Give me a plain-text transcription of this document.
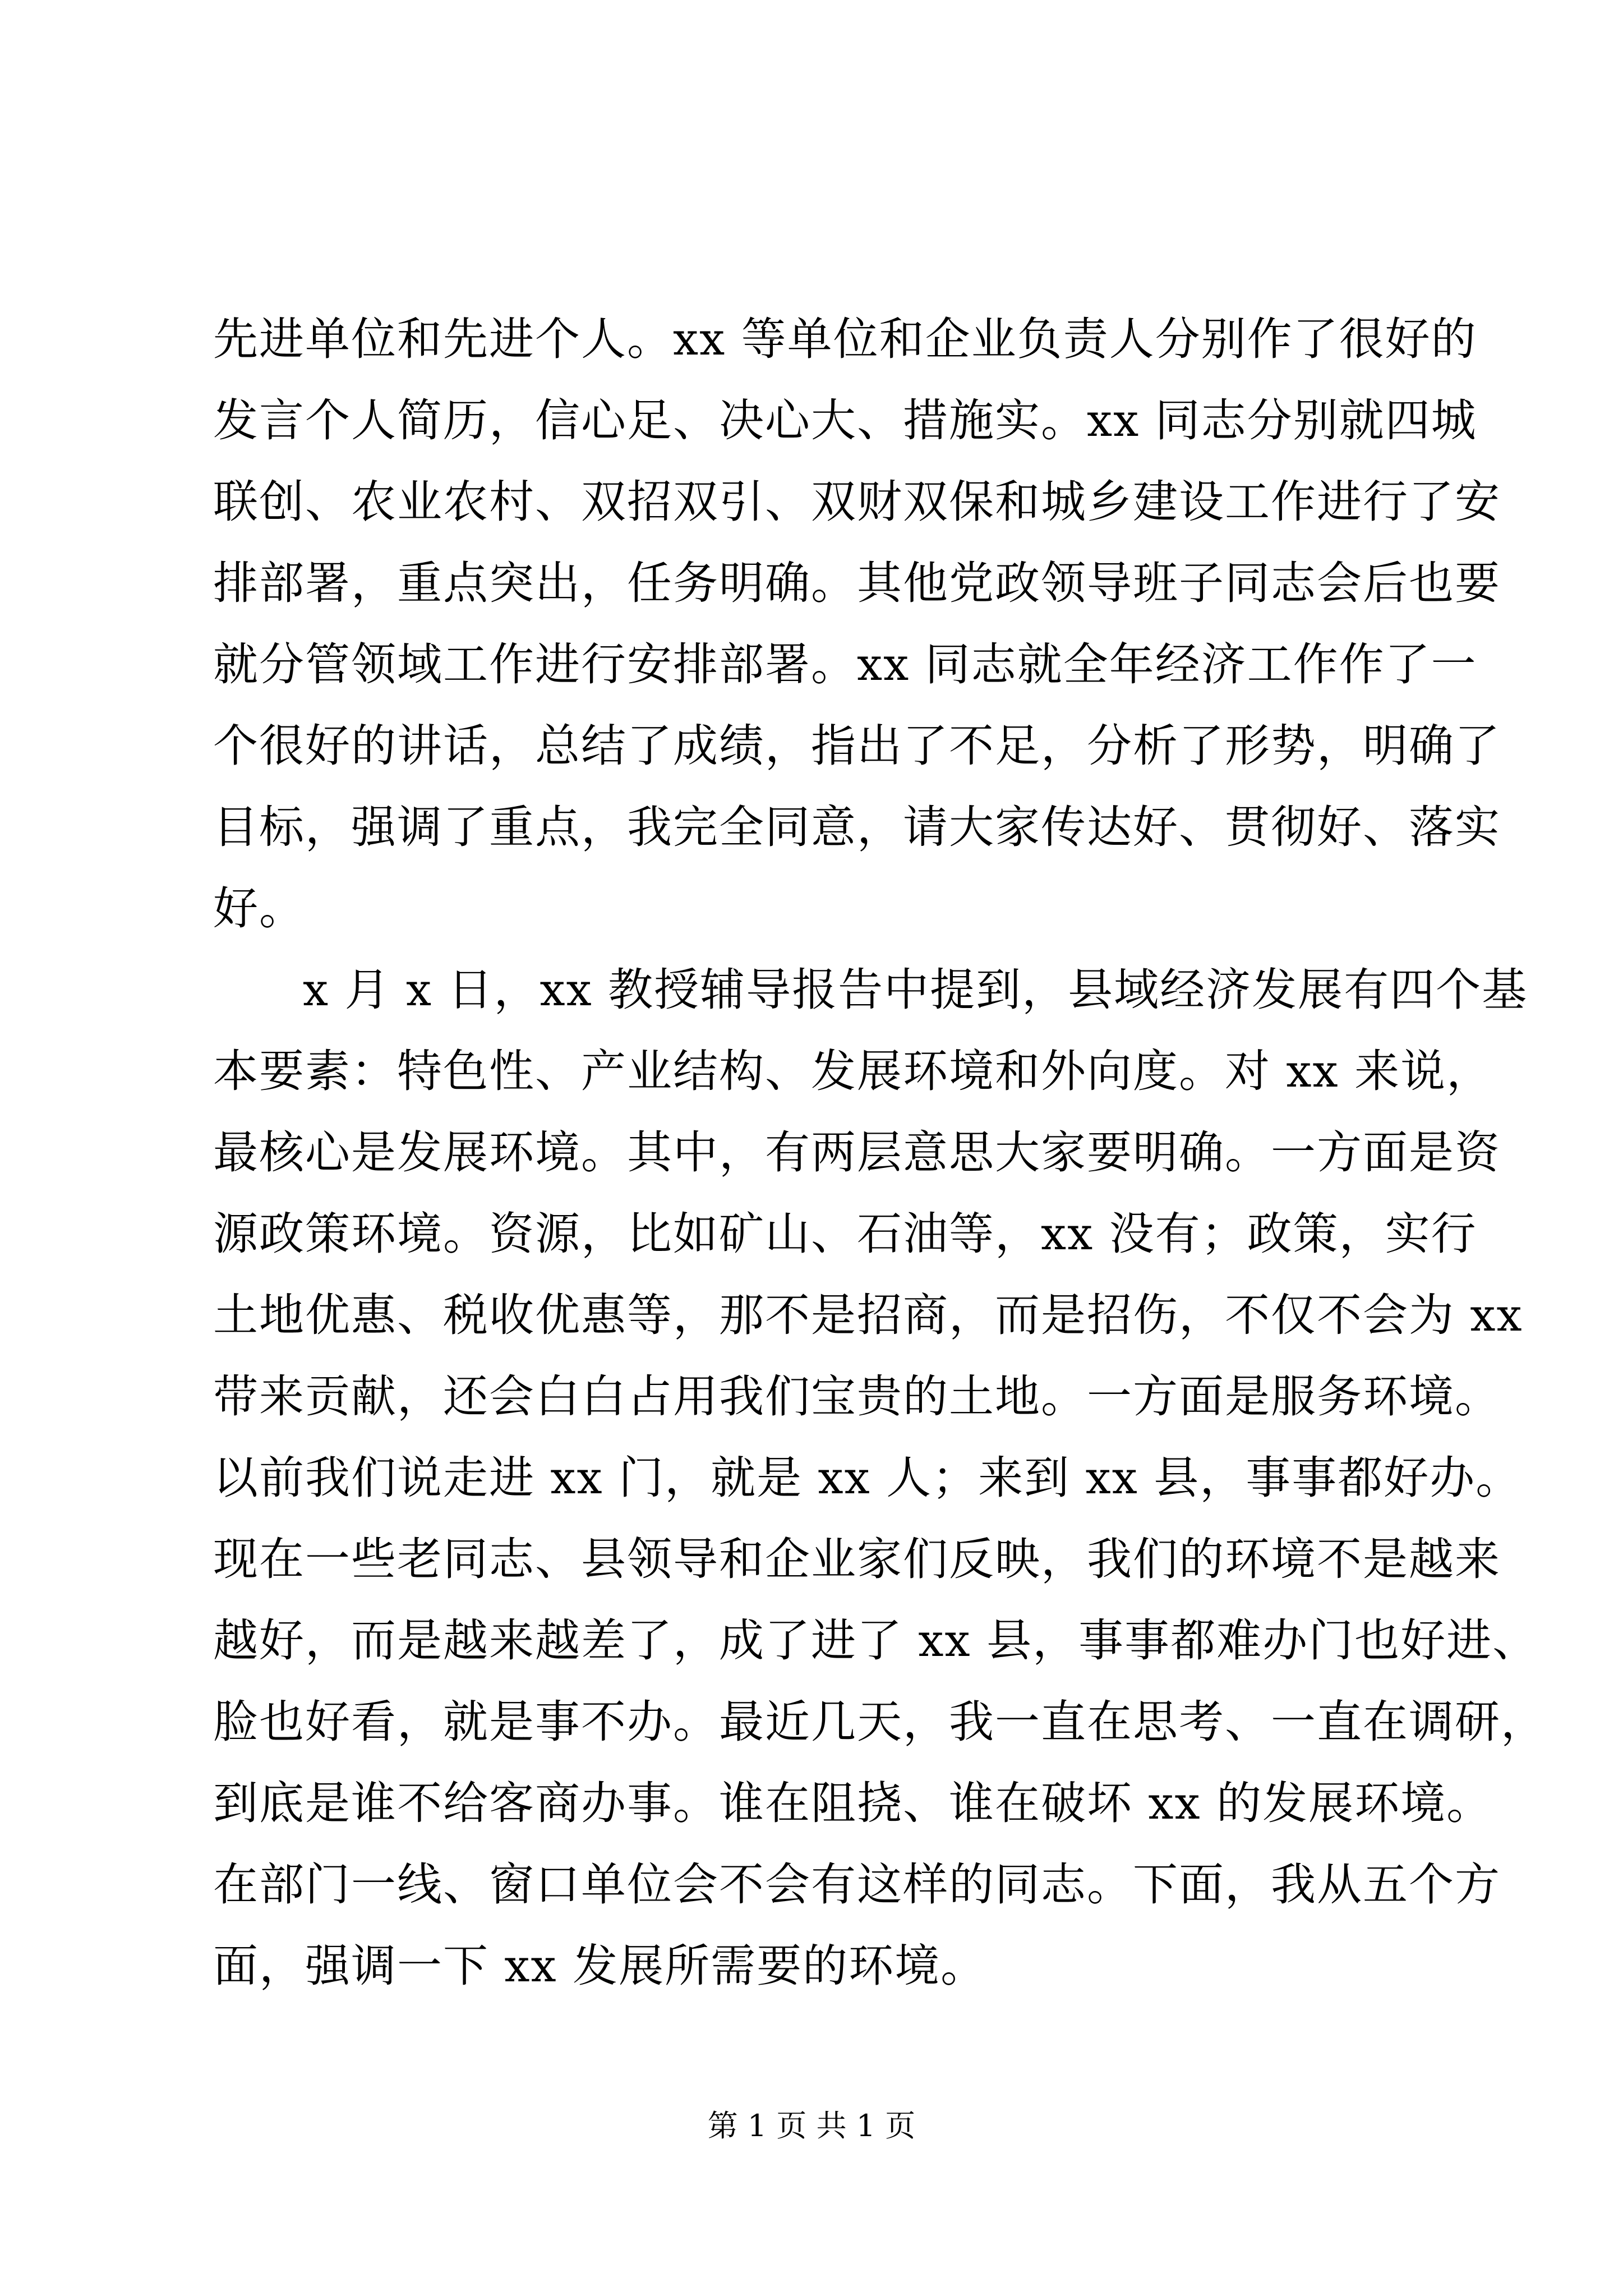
先进单位和先进个人。xx 等单位和企业负责人分别作了很好的
发言个人简历，信心足、决心大、措施实。xx 同志分别就四城
联创、农业农村、双招双引、双财双保和城乡建设工作进行了安
排部署，重点突出，任务明确。其他党政领导班子同志会后也要
就分管领域工作进行安排部署。xx 同志就全年经济工作作了一
个很好的讲话，总结了成绩，指出了不足，分析了形势，明确了
目标，强调了重点，我完全同意，请大家传达好、贯彻好、落实
好。
x 月 x 日，xx 教授辅导报告中提到，县域经济发展有四个基
本要素：特色性、产业结构、发展环境和外向度。对 xx 来说，
最核心是发展环境。其中，有两层意思大家要明确。一方面是资
源政策环境。资源，比如矿山、石油等，xx 没有；政策，实行
土地优惠、税收优惠等，那不是招商，而是招伤，不仅不会为 xx
带来贡献，还会白白占用我们宝贵的土地。一方面是服务环境。
以前我们说走进 xx 门，就是 xx 人；来到 xx 县，事事都好办。
现在一些老同志、县领导和企业家们反映，我们的环境不是越来
越好，而是越来越差了，成了进了 xx 县，事事都难办门也好进、
脸也好看，就是事不办。最近几天，我一直在思考、一直在调研，
到底是谁不给客商办事。谁在阻挠、谁在破坏 xx 的发展环境。
在部门一线、窗口单位会不会有这样的同志。下面，我从五个方
面，强调一下 xx 发展所需要的环境。
第 1 页 共 1 页
